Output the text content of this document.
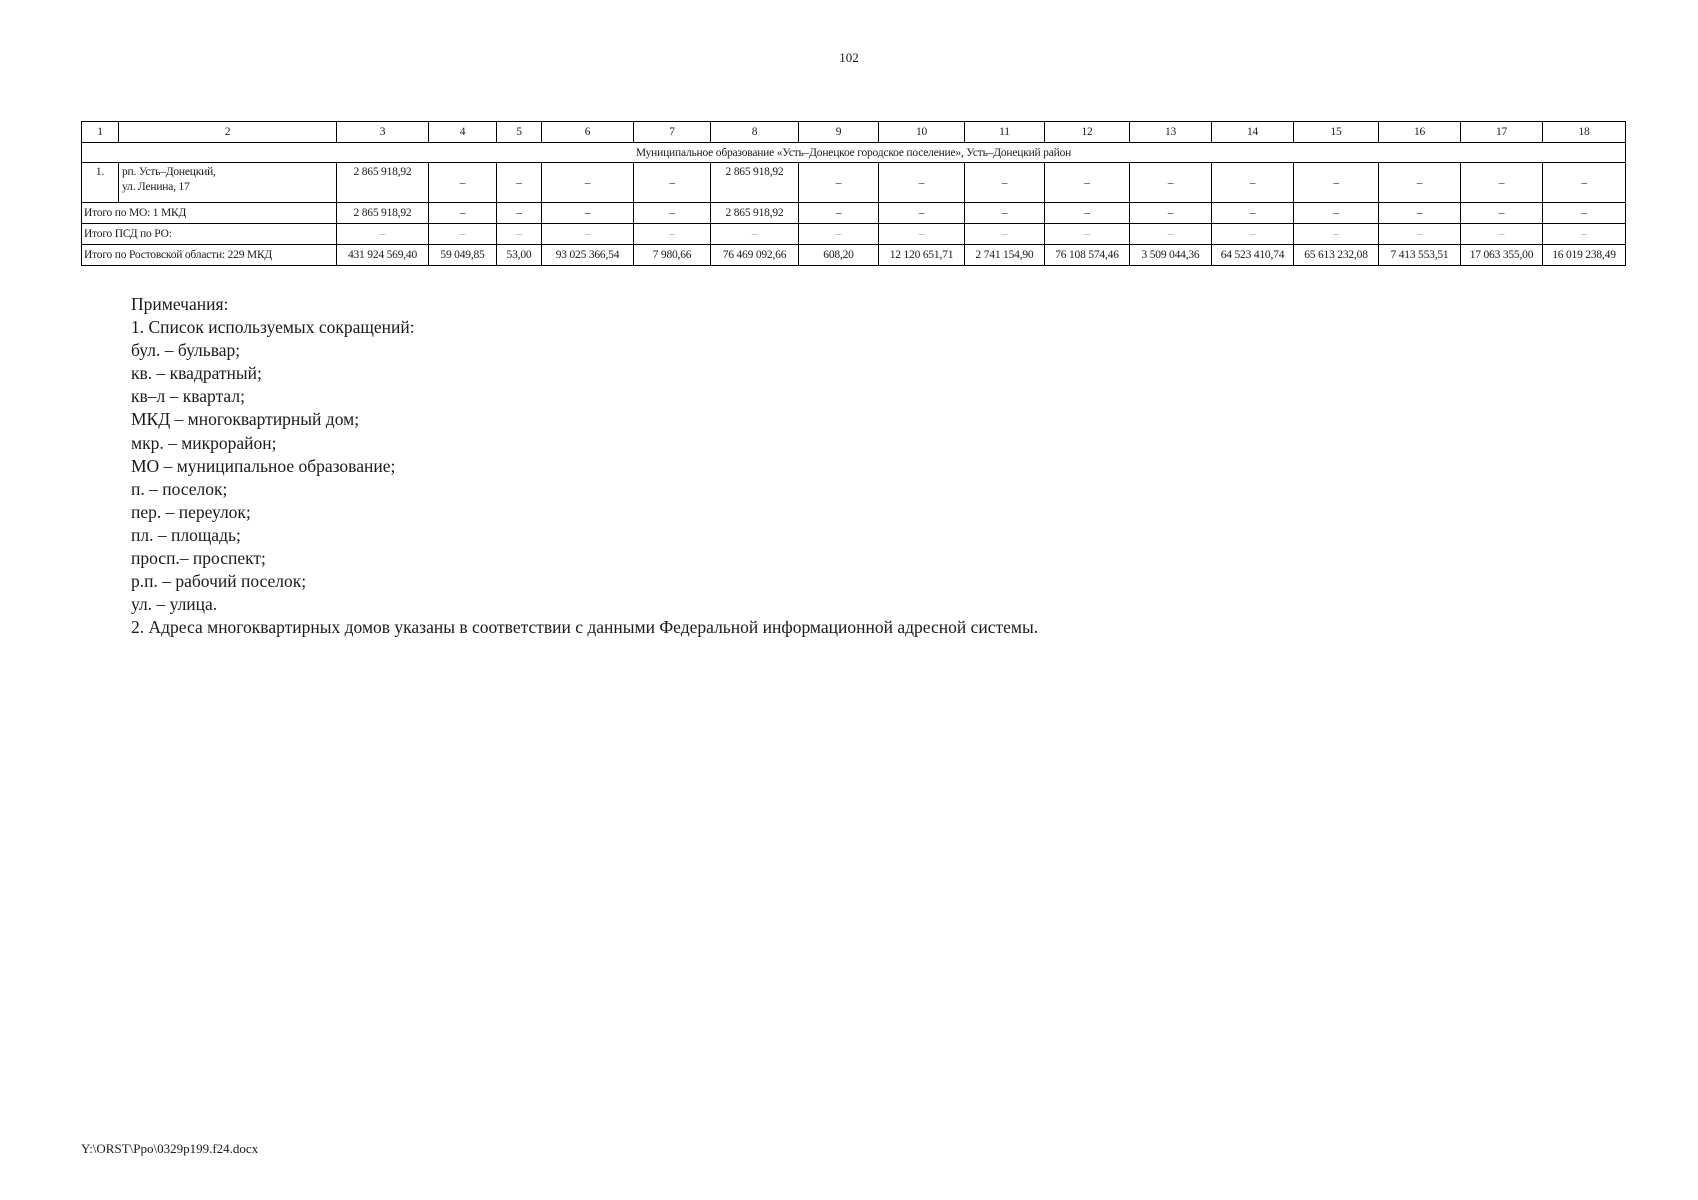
102
1	2	3	4	5	6	7	8	9	10	11	12	13	14	15	16	17	18
Муниципальное образование «Усть–Донецкое городское поселение», Усть–Донецкий район																	
1.	рп. Усть–Донецкий,
ул. Ленина, 17	2 865 918,92	–	–	–	–	2 865 918,92	–	–	–	–	–	–	–	–	–	–
Итого по МО: 1 МКД		2 865 918,92	–	–	–	–	2 865 918,92	–	–	–	–	–	–	–	–	–	–
Итого ПСД по РО:		–	–	–	–	–	–	–	–	–	–	–	–	–	–	–	–
Итого по Ростовской области: 229 МКД		431 924 569,40	59 049,85	53,00	93 025 366,54	7 980,66	76 469 092,66	608,20	12 120 651,71	2 741 154,90	76 108 574,46	3 509 044,36	64 523 410,74	65 613 232,08	7 413 553,51	17 063 355,00	16 019 238,49
Примечания:
1. Список используемых сокращений:
бул. – бульвар;
кв. – квадратный;
кв–л – квартал;
МКД – многоквартирный дом;
мкр. – микрорайон;
МО – муниципальное образование;
п. – поселок;
пер. – переулок;
пл. – площадь;
просп.– проспект;
р.п. – рабочий поселок;
ул. – улица.
2. Адреса многоквартирных домов указаны в соответствии с данными Федеральной информационной адресной системы.
Y:\ORST\Ppo\0329p199.f24.docx
